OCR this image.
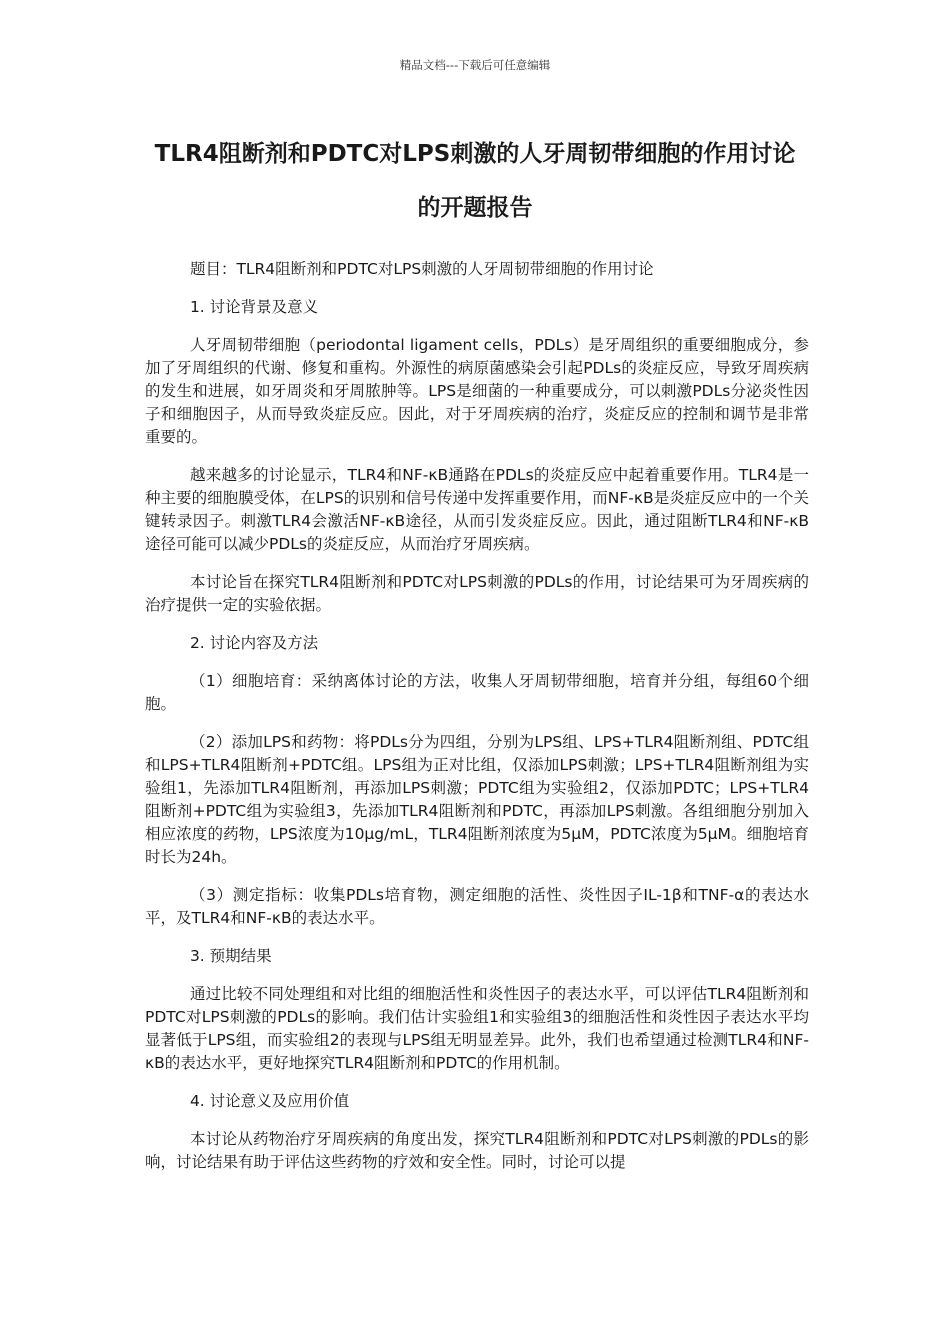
精品文档---下载后可任意编辑
TLR4阻断剂和PDTC对LPS刺激的人牙周韧带细胞的作用讨论的开题报告

题目：TLR4阻断剂和PDTC对LPS刺激的人牙周韧带细胞的作用讨论

1. 讨论背景及意义

人牙周韧带细胞（periodontal ligament cells，PDLs）是牙周组织的重要细胞成分，参加了牙周组织的代谢、修复和重构。外源性的病原菌感染会引起PDLs的炎症反应，导致牙周疾病的发生和进展，如牙周炎和牙周脓肿等。LPS是细菌的一种重要成分，可以刺激PDLs分泌炎性因子和细胞因子，从而导致炎症反应。因此，对于牙周疾病的治疗，炎症反应的控制和调节是非常重要的。

越来越多的讨论显示，TLR4和NF-κB通路在PDLs的炎症反应中起着重要作用。TLR4是一种主要的细胞膜受体，在LPS的识别和信号传递中发挥重要作用，而NF-κB是炎症反应中的一个关键转录因子。刺激TLR4会激活NF-κB途径，从而引发炎症反应。因此，通过阻断TLR4和NF-κB途径可能可以减少PDLs的炎症反应，从而治疗牙周疾病。

本讨论旨在探究TLR4阻断剂和PDTC对LPS刺激的PDLs的作用，讨论结果可为牙周疾病的治疗提供一定的实验依据。

2. 讨论内容及方法

（1）细胞培育：采纳离体讨论的方法，收集人牙周韧带细胞，培育并分组，每组60个细胞。

（2）添加LPS和药物：将PDLs分为四组，分别为LPS组、LPS+TLR4阻断剂组、PDTC组和LPS+TLR4阻断剂+PDTC组。LPS组为正对比组，仅添加LPS刺激；LPS+TLR4阻断剂组为实验组1，先添加TLR4阻断剂，再添加LPS刺激；PDTC组为实验组2，仅添加PDTC；LPS+TLR4阻断剂+PDTC组为实验组3，先添加TLR4阻断剂和PDTC，再添加LPS刺激。各组细胞分别加入相应浓度的药物，LPS浓度为10μg/mL，TLR4阻断剂浓度为5μM，PDTC浓度为5μM。细胞培育时长为24h。

（3）测定指标：收集PDLs培育物，测定细胞的活性、炎性因子IL-1β和TNF-α的表达水平，及TLR4和NF-κB的表达水平。

3. 预期结果

通过比较不同处理组和对比组的细胞活性和炎性因子的表达水平，可以评估TLR4阻断剂和PDTC对LPS刺激的PDLs的影响。我们估计实验组1和实验组3的细胞活性和炎性因子表达水平均显著低于LPS组，而实验组2的表现与LPS组无明显差异。此外，我们也希望通过检测TLR4和NF-κB的表达水平，更好地探究TLR4阻断剂和PDTC的作用机制。

4. 讨论意义及应用价值

本讨论从药物治疗牙周疾病的角度出发，探究TLR4阻断剂和PDTC对LPS刺激的PDLs的影响，讨论结果有助于评估这些药物的疗效和安全性。同时，讨论可以提
